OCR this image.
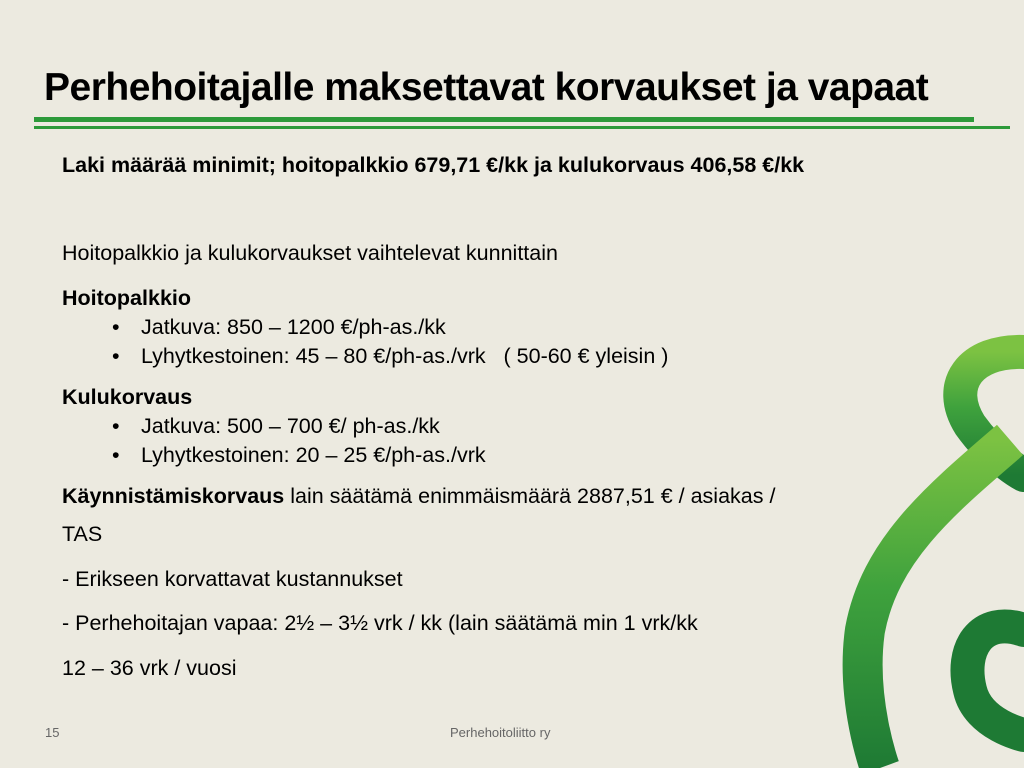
Perhehoitajalle maksettavat korvaukset ja vapaat
Laki määrää minimit; hoitopalkkio 679,71 €/kk ja kulukorvaus 406,58 €/kk
Hoitopalkkio ja kulukorvaukset vaihtelevat kunnittain
Hoitopalkkio
• Jatkuva: 850 – 1200 €/ph-as./kk
• Lyhytkestoinen: 45 – 80 €/ph-as./vrk   ( 50-60 € yleisin )
Kulukorvaus
• Jatkuva: 500 – 700 €/ ph-as./kk
• Lyhytkestoinen: 20 – 25 €/ph-as./vrk
Käynnistämiskorvaus lain säätämä enimmäismäärä 2887,51 € / asiakas /
TAS
- Erikseen korvattavat kustannukset
- Perhehoitajan vapaa: 2½ – 3½ vrk / kk (lain säätämä min 1 vrk/kk
12 – 36 vrk / vuosi
15	Perhehoitoliitto ry
